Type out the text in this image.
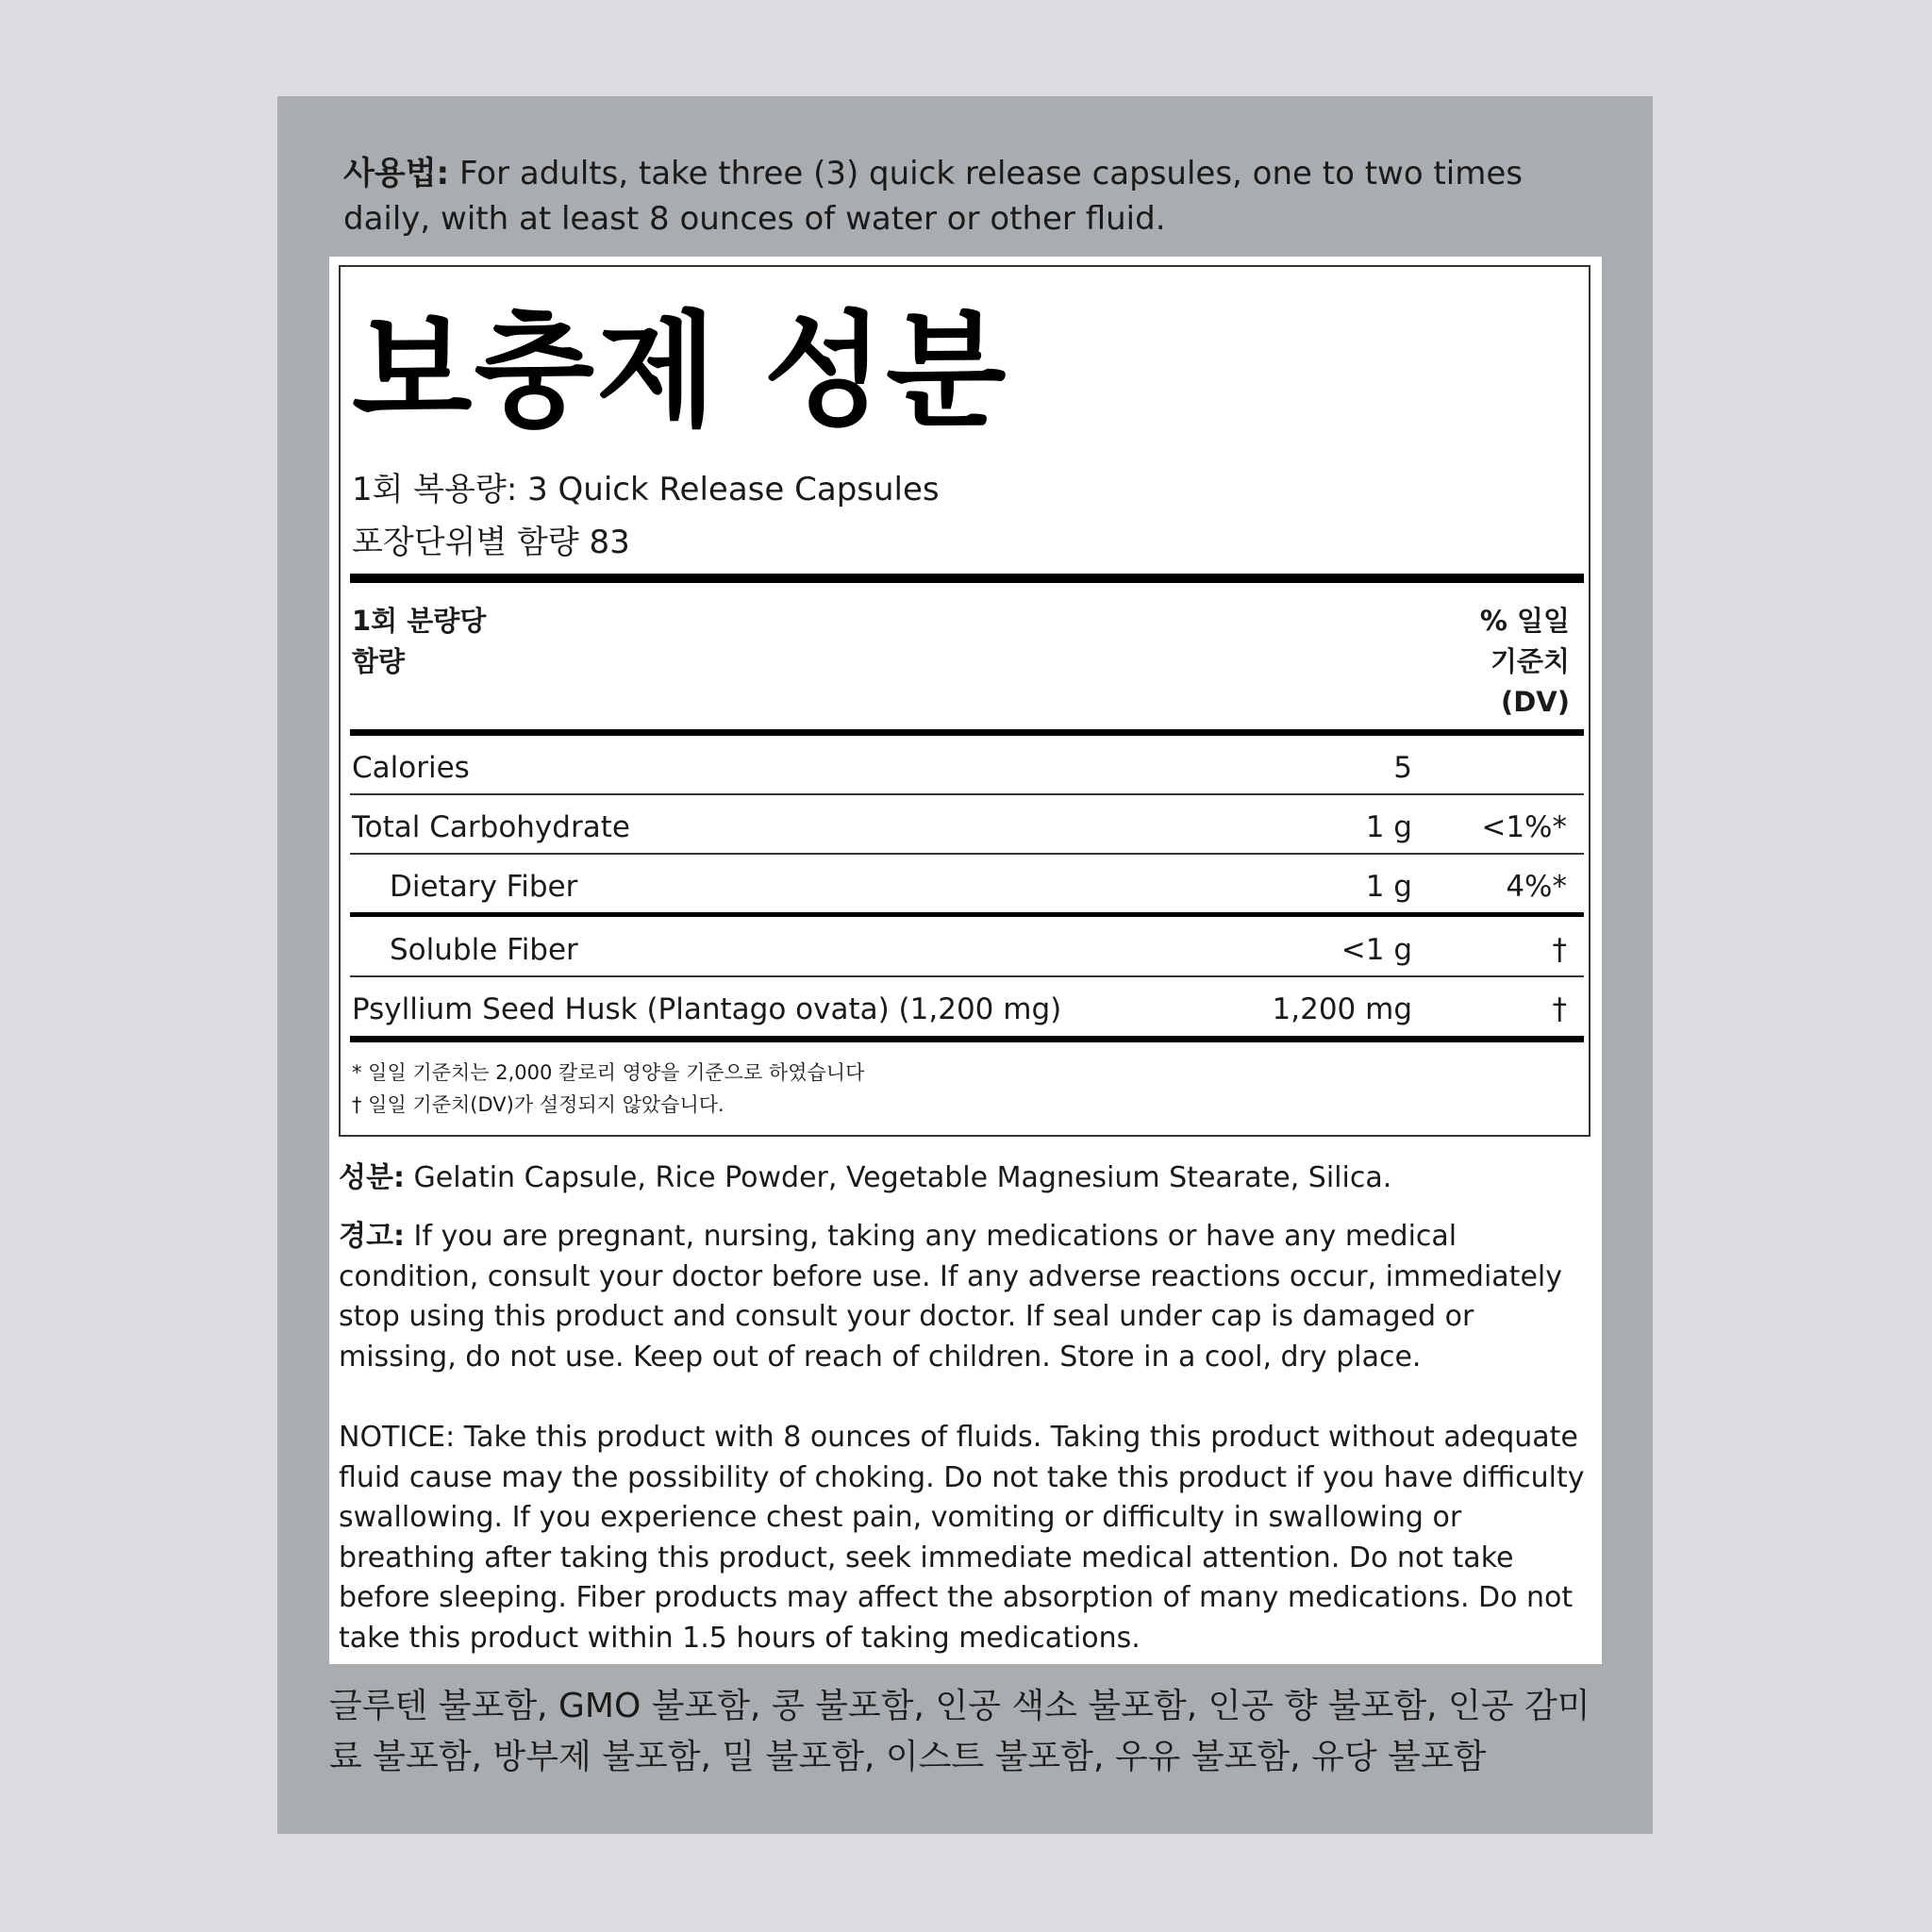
사용법: For adults, take three (3) quick release capsules, one to two times daily, with at least 8 ounces of water or other fluid.
보충제 성분
1회 복용량: 3 Quick Release Capsules
포장단위별 함량 83
1회 분량당
함량
% 일일
기준치
(DV)
Calories	5
Total Carbohydrate	1 g <1%*
Dietary Fiber	1 g	4%*
Soluble Fiber	<1 g	†
Psyllium Seed Husk (Plantago ovata) (1,200 mg)	1,200 mg	†
* 일일 기준치는 2,000 칼로리 영양을 기준으로 하였습니다
† 일일 기준치(DV)가 설정되지 않았습니다.
성분: Gelatin Capsule, Rice Powder, Vegetable Magnesium Stearate, Silica.
경고: If you are pregnant, nursing, taking any medications or have any medical condition, consult your doctor before use. If any adverse reactions occur, immediately stop using this product and consult your doctor. If seal under cap is damaged or missing, do not use. Keep out of reach of children. Store in a cool, dry place.
NOTICE: Take this product with 8 ounces of fluids. Taking this product without adequate fluid cause may the possibility of choking. Do not take this product if you have difficulty swallowing. If you experience chest pain, vomiting or difficulty in swallowing or breathing after taking this product, seek immediate medical attention. Do not take before sleeping. Fiber products may affect the absorption of many medications. Do not take this product within 1.5 hours of taking medications.
글루텐 불포함, GMO 불포함, 콩 불포함, 인공 색소 불포함, 인공 향 불포함, 인공 감미료 불포함, 방부제 불포함, 밀 불포함, 이스트 불포함, 우유 불포함, 유당 불포함
